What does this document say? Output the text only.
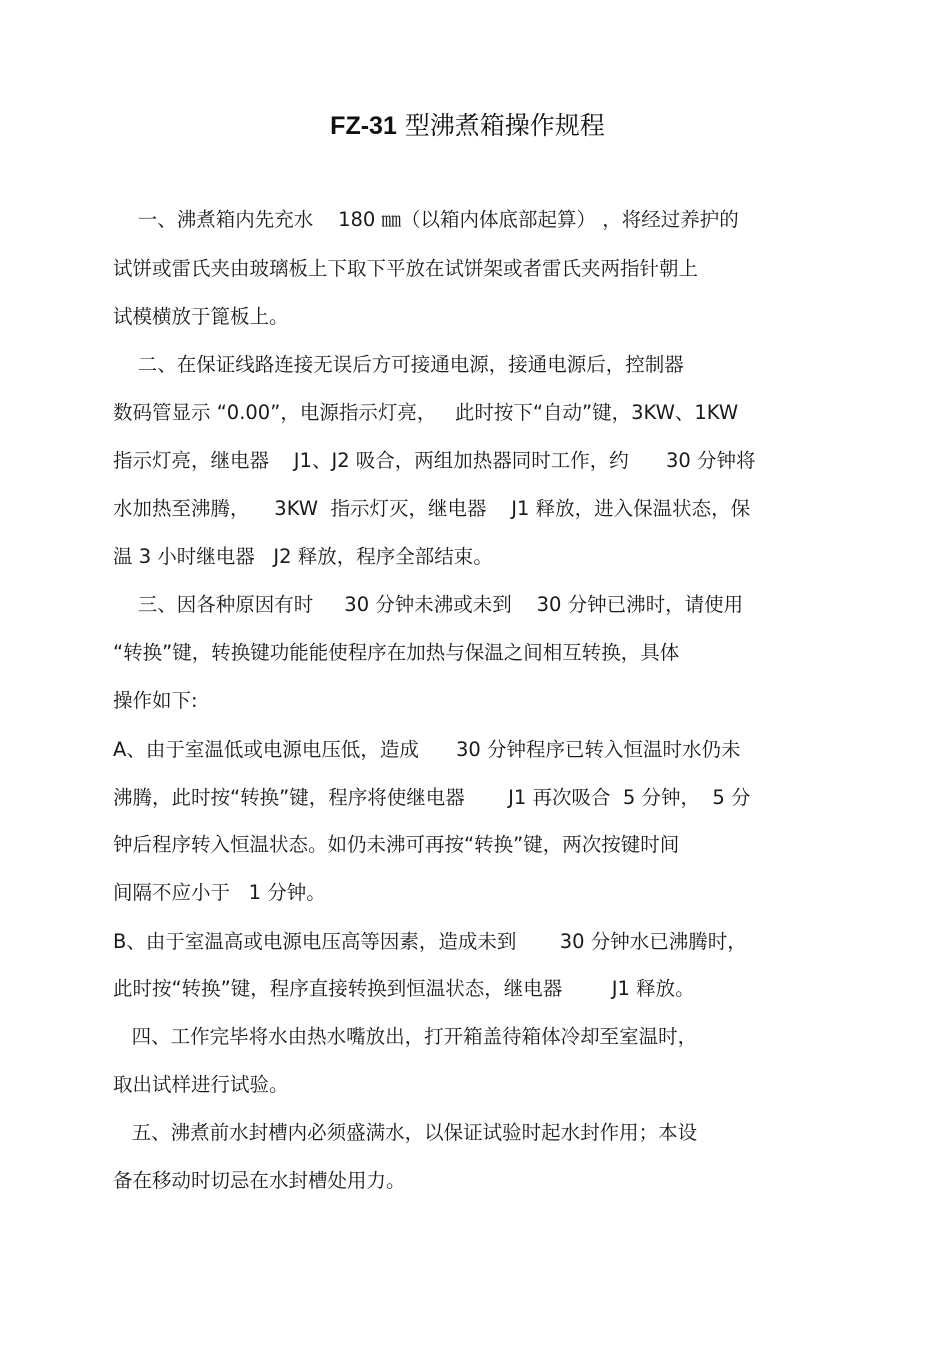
FZ-31 型沸煮箱操作规程

一、沸煮箱内先充水    180 ㎜（以箱内体底部起算） ，将经过养护的

试饼或雷氏夹由玻璃板上下取下平放在试饼架或者雷氏夹两指针朝上

试模横放于篦板上。

二、在保证线路连接无误后方可接通电源，接通电源后，控制器

数码管显示 “0.00”，电源指示灯亮，   此时按下“自动”键，3KW、1KW

指示灯亮，继电器    J1、J2 吸合，两组加热器同时工作，约      30 分钟将

水加热至沸腾，    3KW  指示灯灭，继电器    J1 释放，进入保温状态，保

温 3 小时继电器   J2 释放，程序全部结束。

三、因各种原因有时     30 分钟未沸或未到    30 分钟已沸时，请使用

“转换”键，转换键功能能使程序在加热与保温之间相互转换，具体

操作如下:

A、由于室温低或电源电压低，造成      30 分钟程序已转入恒温时水仍未

沸腾，此时按“转换”键，程序将使继电器       J1 再次吸合  5 分钟，  5 分

钟后程序转入恒温状态。如仍未沸可再按“转换”键，两次按键时间

间隔不应小于   1 分钟。

B、由于室温高或电源电压高等因素，造成未到       30 分钟水已沸腾时，

此时按“转换”键，程序直接转换到恒温状态，继电器        J1 释放。

四、工作完毕将水由热水嘴放出，打开箱盖待箱体冷却至室温时，

取出试样进行试验。

五、沸煮前水封槽内必须盛满水，以保证试验时起水封作用；本设

备在移动时切忌在水封槽处用力。
